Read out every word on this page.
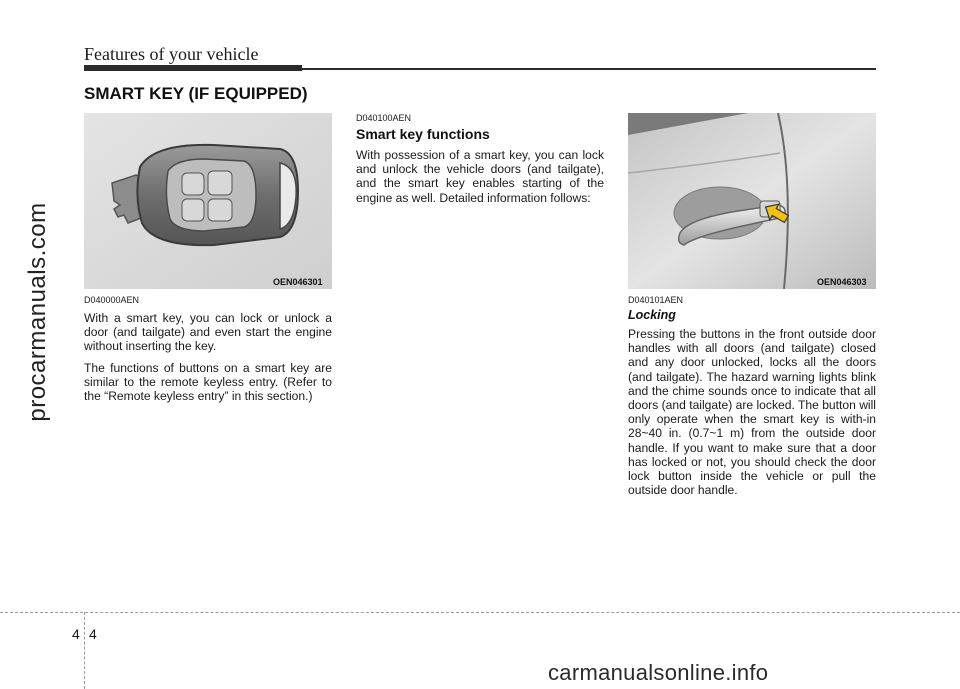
Features of your vehicle
SMART KEY (IF EQUIPPED)
procarmanuals.com	OEN046301
D040000AEN

With a smart key, you can lock or unlock a door (and tailgate) and even start the engine without inserting the key.

The functions of buttons on a smart key are similar to the remote keyless entry. (Refer to the “Remote keyless entry” in this section.)

D040100AEN
Smart key functions

With possession of a smart key, you can lock and unlock the vehicle doors (and tailgate), and the smart key enables starting of the engine as well. Detailed information follows:

OEN046303
D040101AEN
Locking

Pressing the buttons in the front outside door handles with all doors (and tailgate) closed and any door unlocked, locks all the doors (and tailgate). The hazard warning lights blink and the chime sounds once to indicate that all doors (and tailgate) are locked. The button will only operate when the smart key is with-in 28~40 in. (0.7~1 m) from the outside door handle. If you want to make sure that a door has locked or not, you should check the door lock button inside the vehicle or pull the outside door handle.

4 4
carmanualsonline.info
